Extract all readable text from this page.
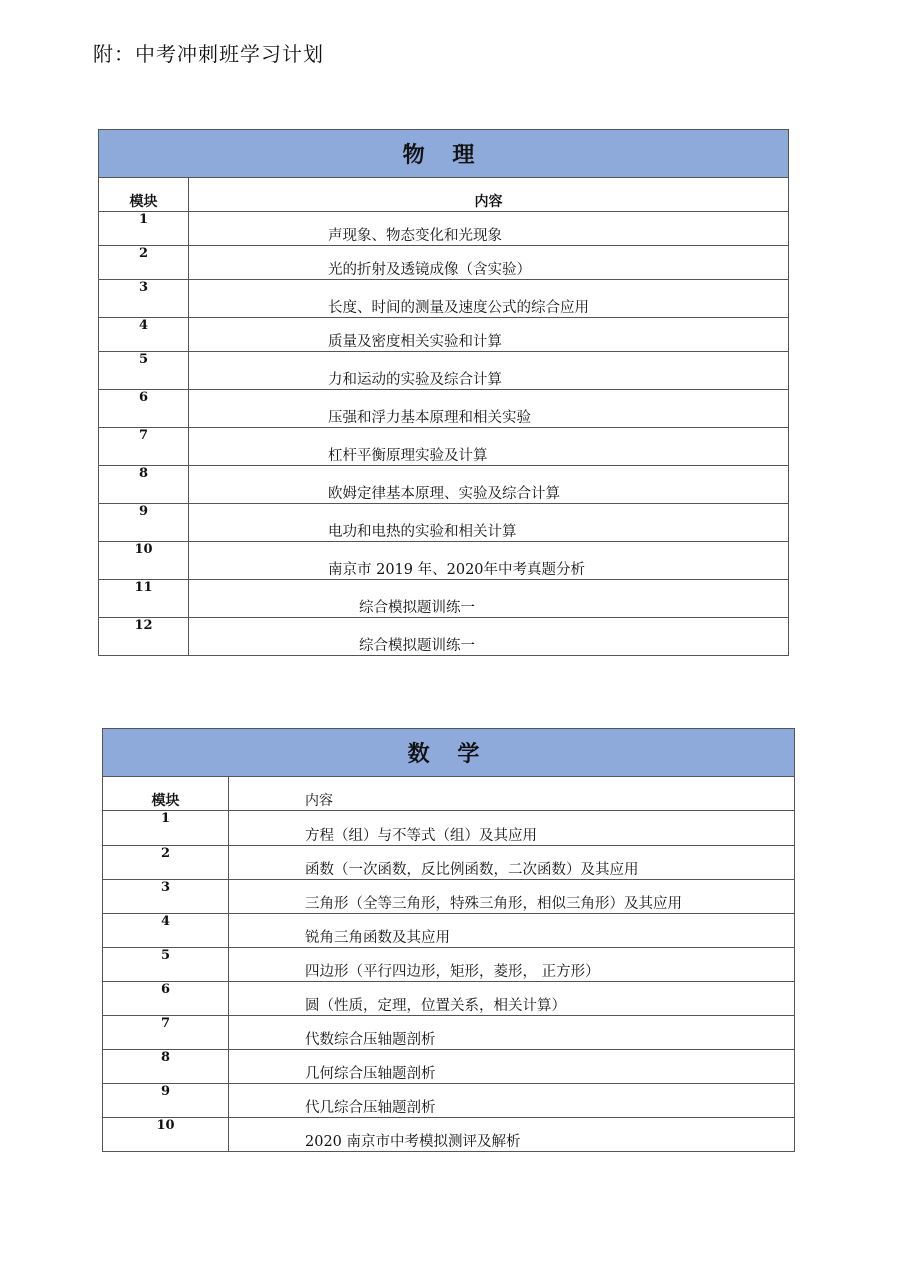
附：中考冲刺班学习计划
物 理	
模块	内容
1	声现象、物态变化和光现象
2	光的折射及透镜成像（含实验）
3	长度、时间的测量及速度公式的综合应用
4	质量及密度相关实验和计算
5	力和运动的实验及综合计算
6	压强和浮力基本原理和相关实验
7	杠杆平衡原理实验及计算
8	欧姆定律基本原理、实验及综合计算
9	电功和电热的实验和相关计算
10	南京市 2019 年、2020年中考真题分析
11	综合模拟题训练一
12	综合模拟题训练一
数 学	
模块	内容
1	方程（组）与不等式（组）及其应用
2	函数（一次函数，反比例函数，二次函数）及其应用
3	三角形（全等三角形，特殊三角形，相似三角形）及其应用
4	锐角三角函数及其应用
5	四边形（平行四边形，矩形，菱形， 正方形）
6	圆（性质，定理，位置关系，相关计算）
7	代数综合压轴题剖析
8	几何综合压轴题剖析
9	代几综合压轴题剖析
10	2020 南京市中考模拟测评及解析
